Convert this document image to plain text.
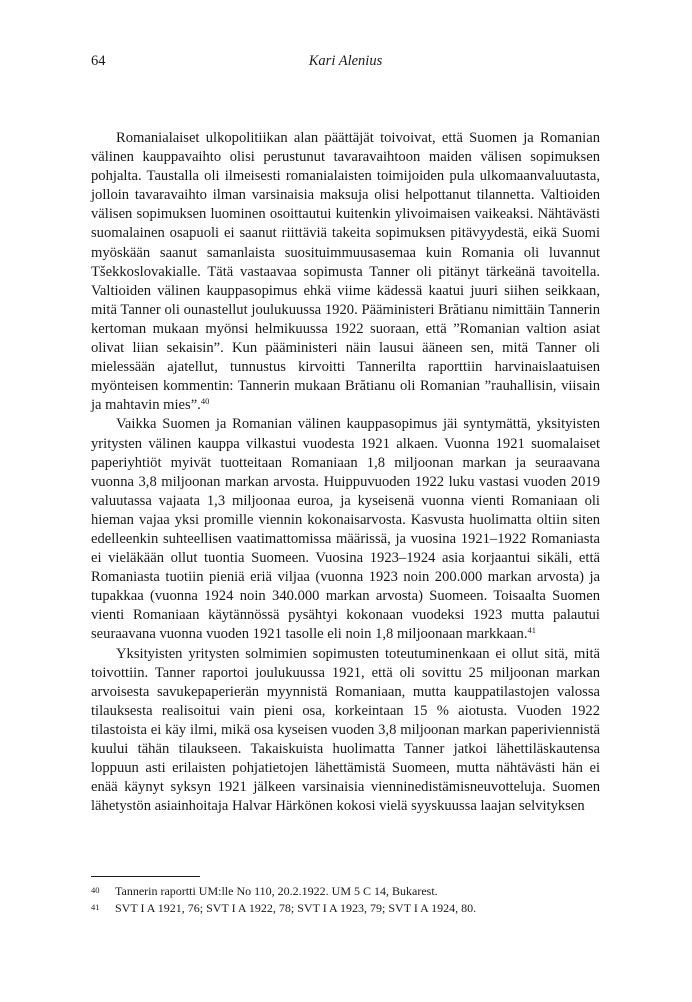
64	Kari Alenius

Romanialaiset ulkopolitiikan alan päättäjät toivoivat, että Suomen ja Romanian välinen kauppavaihto olisi perustunut tavaravaihtoon maiden välisen sopimuksen pohjalta. Taustalla oli ilmeisesti romanialaisten toimijoiden pula ulkomaanvaluutasta, jolloin tavaravaihto ilman varsinaisia maksuja olisi helpottanut tilannetta. Valtioiden välisen sopimuksen luominen osoittautui kuitenkin ylivoimaisen vaikeaksi. Nähtävästi suomalainen osapuoli ei saanut riittäviä takeita sopimuksen pitävyydestä, eikä Suomi myöskään saanut samanlaista suosituimmuusasemaa kuin Romania oli luvannut Tšekkoslovakialle. Tätä vastaavaa sopimusta Tanner oli pitänyt tärkeänä tavoitella. Valtioiden välinen kauppasopimus ehkä viime kädessä kaatui juuri siihen seikkaan, mitä Tanner oli ounastellut joulukuussa 1920. Pääministeri Brătianu nimittäin Tannerin kertoman mukaan myönsi helmikuussa 1922 suoraan, että ”Romanian valtion asiat olivat liian sekaisin”. Kun pääministeri näin lausui ääneen sen, mitä Tanner oli mielessään ajatellut, tunnustus kirvoitti Tannerilta raporttiin harvinaislaatuisen myönteisen kommentin: Tannerin mukaan Brătianu oli Romanian ”rauhallisin, viisain ja mahtavin mies”.$^{40}$

Vaikka Suomen ja Romanian välinen kauppasopimus jäi syntymättä, yksityisten yritysten välinen kauppa vilkastui vuodesta 1921 alkaen. Vuonna 1921 suomalaiset paperiyhtiöt myivät tuotteitaan Romaniaan 1,8 miljoonan markan ja seuraavana vuonna 3,8 miljoonan markan arvosta. Huippuvuoden 1922 luku vastasi vuoden 2019 valuutassa vajaata 1,3 miljoonaa euroa, ja kyseisenä vuonna vienti Romaniaan oli hieman vajaa yksi promille viennin kokonaisarvosta. Kasvusta huolimatta oltiin siten edelleenkin suhteellisen vaatimattomissa määrissä, ja vuosina 1921–1922 Romaniasta ei vieläkään ollut tuontia Suomeen. Vuosina 1923–1924 asia korjaantui sikäli, että Romaniasta tuotiin pieniä eriä viljaa (vuonna 1923 noin 200.000 markan arvosta) ja tupakkaa (vuonna 1924 noin 340.000 markan arvosta) Suomeen. Toisaalta Suomen vienti Romaniaan käytännössä pysähtyi kokonaan vuodeksi 1923 mutta palautui seuraavana vuonna vuoden 1921 tasolle eli noin 1,8 miljoonaan markkaan.$^{41}$

Yksityisten yritysten solmimien sopimusten toteutuminenkaan ei ollut sitä, mitä toivottiin. Tanner raportoi joulukuussa 1921, että oli sovittu 25 miljoonan markan arvoisesta savukepaperierän myynnistä Romaniaan, mutta kauppatilastojen valossa tilauksesta realisoitui vain pieni osa, korkeintaan 15 % aiotusta. Vuoden 1922 tilastoista ei käy ilmi, mikä osa kyseisen vuoden 3,8 miljoonan markan paperiviennistä kuului tähän tilaukseen. Takaiskuista huolimatta Tanner jatkoi lähettiläskautensa loppuun asti erilaisten pohjatietojen lähettämistä Suomeen, mutta nähtävästi hän ei enää käynyt syksyn 1921 jälkeen varsinaisia vienninedistämisneuvotteluja. Suomen lähetystön asiainhoitaja Halvar Härkönen kokosi vielä syyskuussa laajan selvityksen

40 Tannerin raportti UM:lle No 110, 20.2.1922. UM 5 C 14, Bukarest.
41 SVT I A 1921, 76; SVT I A 1922, 78; SVT I A 1923, 79; SVT I A 1924, 80.
